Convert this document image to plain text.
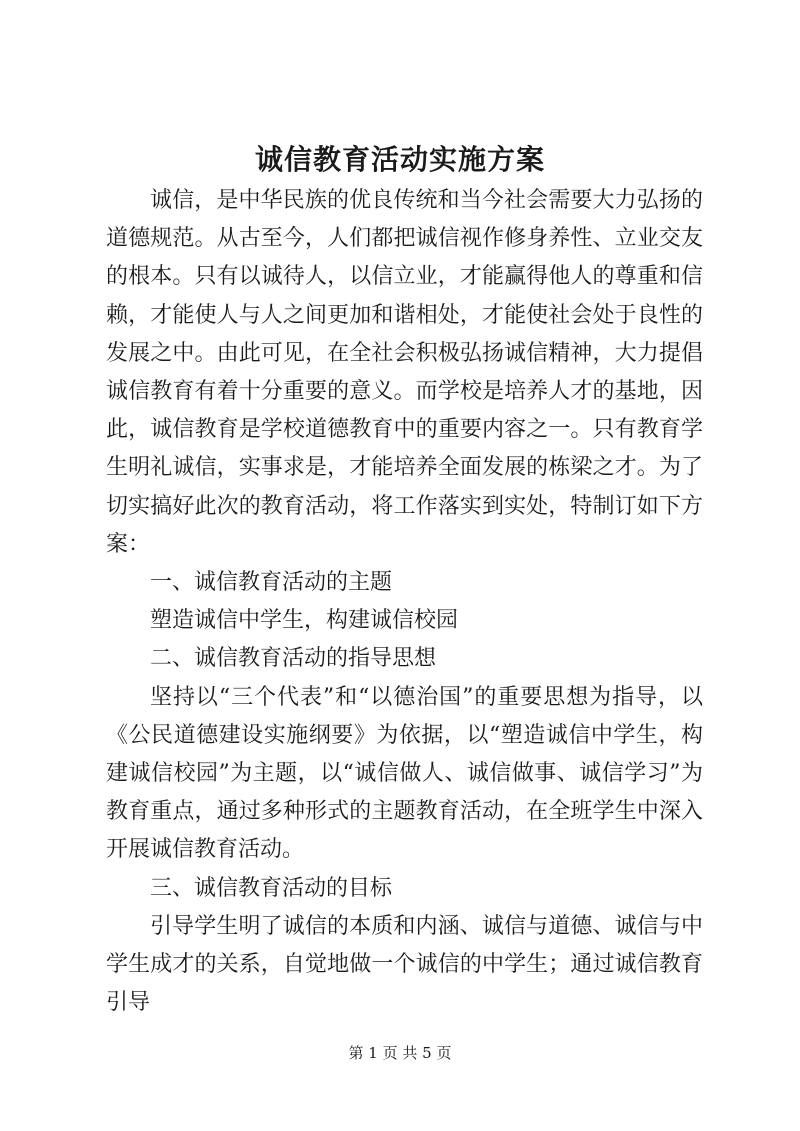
诚信教育活动实施方案

诚信，是中华民族的优良传统和当今社会需要大力弘扬的道德规范。从古至今，人们都把诚信视作修身养性、立业交友的根本。只有以诚待人，以信立业，才能赢得他人的尊重和信赖，才能使人与人之间更加和谐相处，才能使社会处于良性的发展之中。由此可见，在全社会积极弘扬诚信精神，大力提倡诚信教育有着十分重要的意义。而学校是培养人才的基地，因此，诚信教育是学校道德教育中的重要内容之一。只有教育学生明礼诚信，实事求是，才能培养全面发展的栋梁之才。为了切实搞好此次的教育活动，将工作落实到实处，特制订如下方案：

一、诚信教育活动的主题

塑造诚信中学生，构建诚信校园

二、诚信教育活动的指导思想

坚持以“三个代表”和“以德治国”的重要思想为指导，以《公民道德建设实施纲要》为依据，以“塑造诚信中学生，构建诚信校园”为主题，以“诚信做人、诚信做事、诚信学习”为教育重点，通过多种形式的主题教育活动，在全班学生中深入开展诚信教育活动。

三、诚信教育活动的目标

引导学生明了诚信的本质和内涵、诚信与道德、诚信与中学生成才的关系，自觉地做一个诚信的中学生；通过诚信教育引导

第 1 页 共 5 页
